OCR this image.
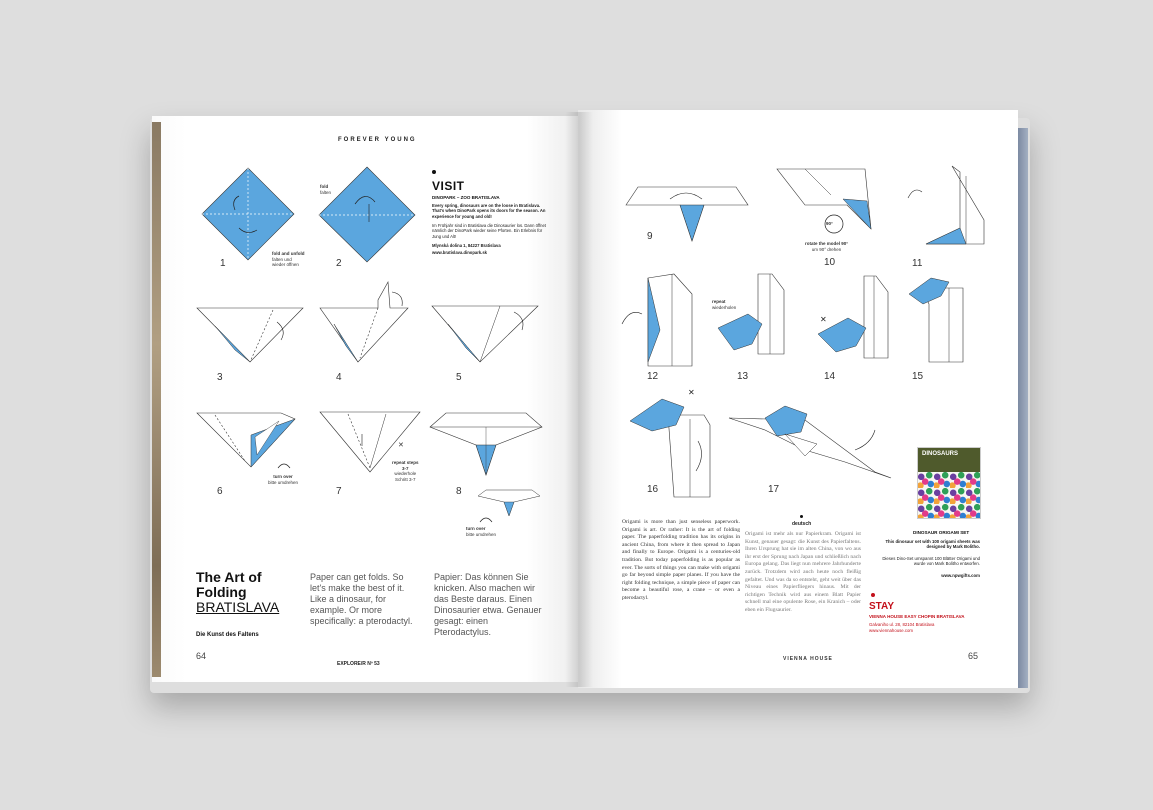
FOREVER YOUNG
1
fold and unfold
falten und
wieder öffnen	2
fold
falten	VISIT
DINOPARK – ZOO BRATISLAVA
Every spring, dinosaurs are on the loose in Bratislava. That's when DinoPark opens its doors for the season. An experience for young and old!
Im Frühjahr sind in Bratislava die Dinosaurier los. Dann öffnet nämlich der DinoPark wieder seine Pforten. Ein Erlebnis für Jung und Alt!
Mlynská dolina 1, 84227 Bratislava
www.bratislava.dinopark.sk
3	4	5
6
turn over
bitte umdrehen
7
✕
repeat steps
3-7
wiederhole
Schritt 3-7
8
turn over
bitte umdrehen
The Art of
Folding
BRATISLAVA
Die Kunst des Faltens
Paper can get folds. So let's make the best of it. Like a dinosaur, for example. Or more specifically: a pterodactyl.
Papier: Das können Sie knicken. Also machen wir das Beste daraus. Einen Dinosaurier etwa. Genauer gesagt: einen Pterodactylus.
64
EXPLORE/R Nº 53
9
90°
rotate the model 90°
um 90° drehen
10	11
12
repeat
wiederholen
13
✕
14	15
✕
16	17
DINOSAURS
DINOSAUR ORIGAMI SET
This dinosaur set with 100 origami sheets was designed by Mark Bolitho.
Dieses Dino-Set umspannt 100 Blätter Origami und wurde von Mark Bolitho entworfen.
www.npwgifts.com
Origami is more than just senseless paperwork. Origami is art. Or rather: It is the art of folding paper. The paperfolding tradition has its origins in ancient China, from where it then spread to Japan and finally to Europe. Origami is a centuries-old tradition. But today paperfolding is as popular as ever. The sorts of things you can make with origami go far beyond simple paper planes. If you have the right folding technique, a simple piece of paper can become a beautiful rose, a crane – or even a pterodactyl.
deutsch
Origami ist mehr als nur Papierkram. Origami ist Kunst, genauer gesagt: die Kunst des Papierfaltens. Ihren Ursprung hat sie im alten China, von wo aus ihr erst der Sprung nach Japan und schließlich nach Europa gelang. Das liegt nun mehrere Jahrhunderte zurück. Trotzdem wird auch heute noch fleißig gefaltet. Und was da so entsteht, geht weit über das Niveau eines Papierfliegers hinaus. Mit der richtigen Technik wird aus einem Blatt Papier schnell mal eine opulente Rose, ein Kranich – oder eben ein Flugsaurier.	STAY
VIENNA HOUSE EASY CHOPIN BRATISLAVA
Galvaniho ul. 28, 82104 Bratislava
www.viennahouse.com
VIENNA HOUSE	65
